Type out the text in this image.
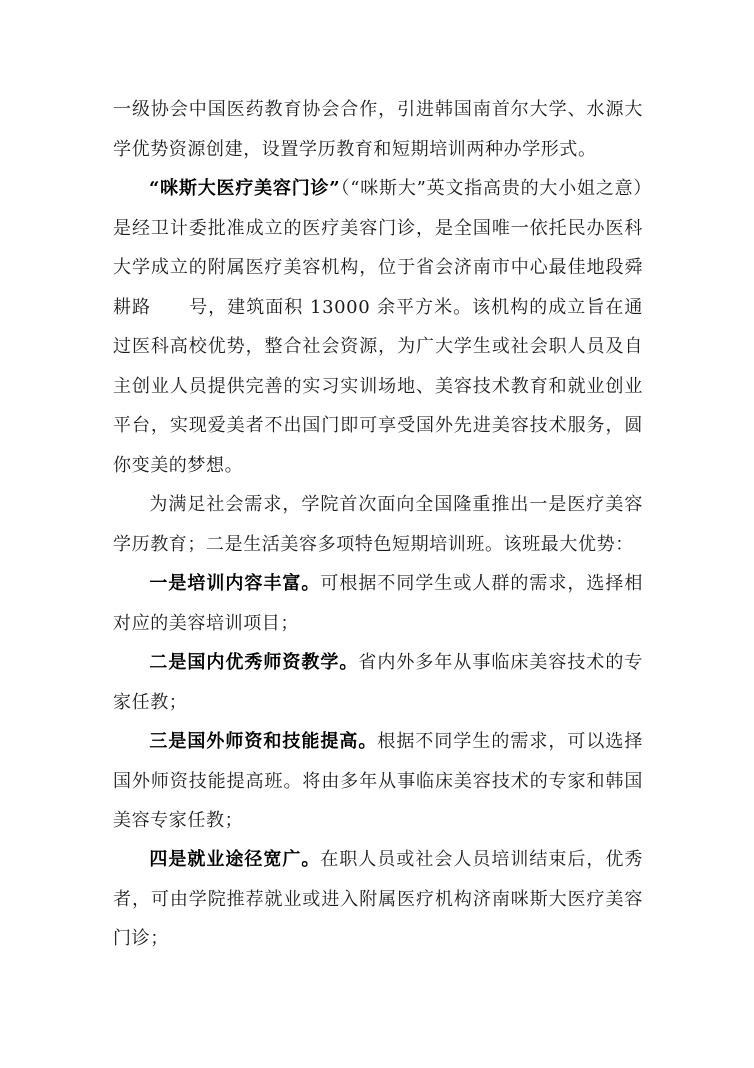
一级协会中国医药教育协会合作，引进韩国南首尔大学、水源大学优势资源创建，设置学历教育和短期培训两种办学形式。

“咪斯大医疗美容门诊”（“咪斯大”英文指高贵的大小姐之意）是经卫计委批准成立的医疗美容门诊，是全国唯一依托民办医科大学成立的附属医疗美容机构，位于省会济南市中心最佳地段舜耕路　　号，建筑面积 13000 余平方米。该机构的成立旨在通过医科高校优势，整合社会资源，为广大学生或社会职人员及自主创业人员提供完善的实习实训场地、美容技术教育和就业创业平台，实现爱美者不出国门即可享受国外先进美容技术服务，圆你变美的梦想。

为满足社会需求，学院首次面向全国隆重推出一是医疗美容学历教育；二是生活美容多项特色短期培训班。该班最大优势：

一是培训内容丰富。可根据不同学生或人群的需求，选择相对应的美容培训项目；

二是国内优秀师资教学。省内外多年从事临床美容技术的专家任教；

三是国外师资和技能提高。根据不同学生的需求，可以选择国外师资技能提高班。将由多年从事临床美容技术的专家和韩国美容专家任教；

四是就业途径宽广。在职人员或社会人员培训结束后，优秀者，可由学院推荐就业或进入附属医疗机构济南咪斯大医疗美容门诊；
